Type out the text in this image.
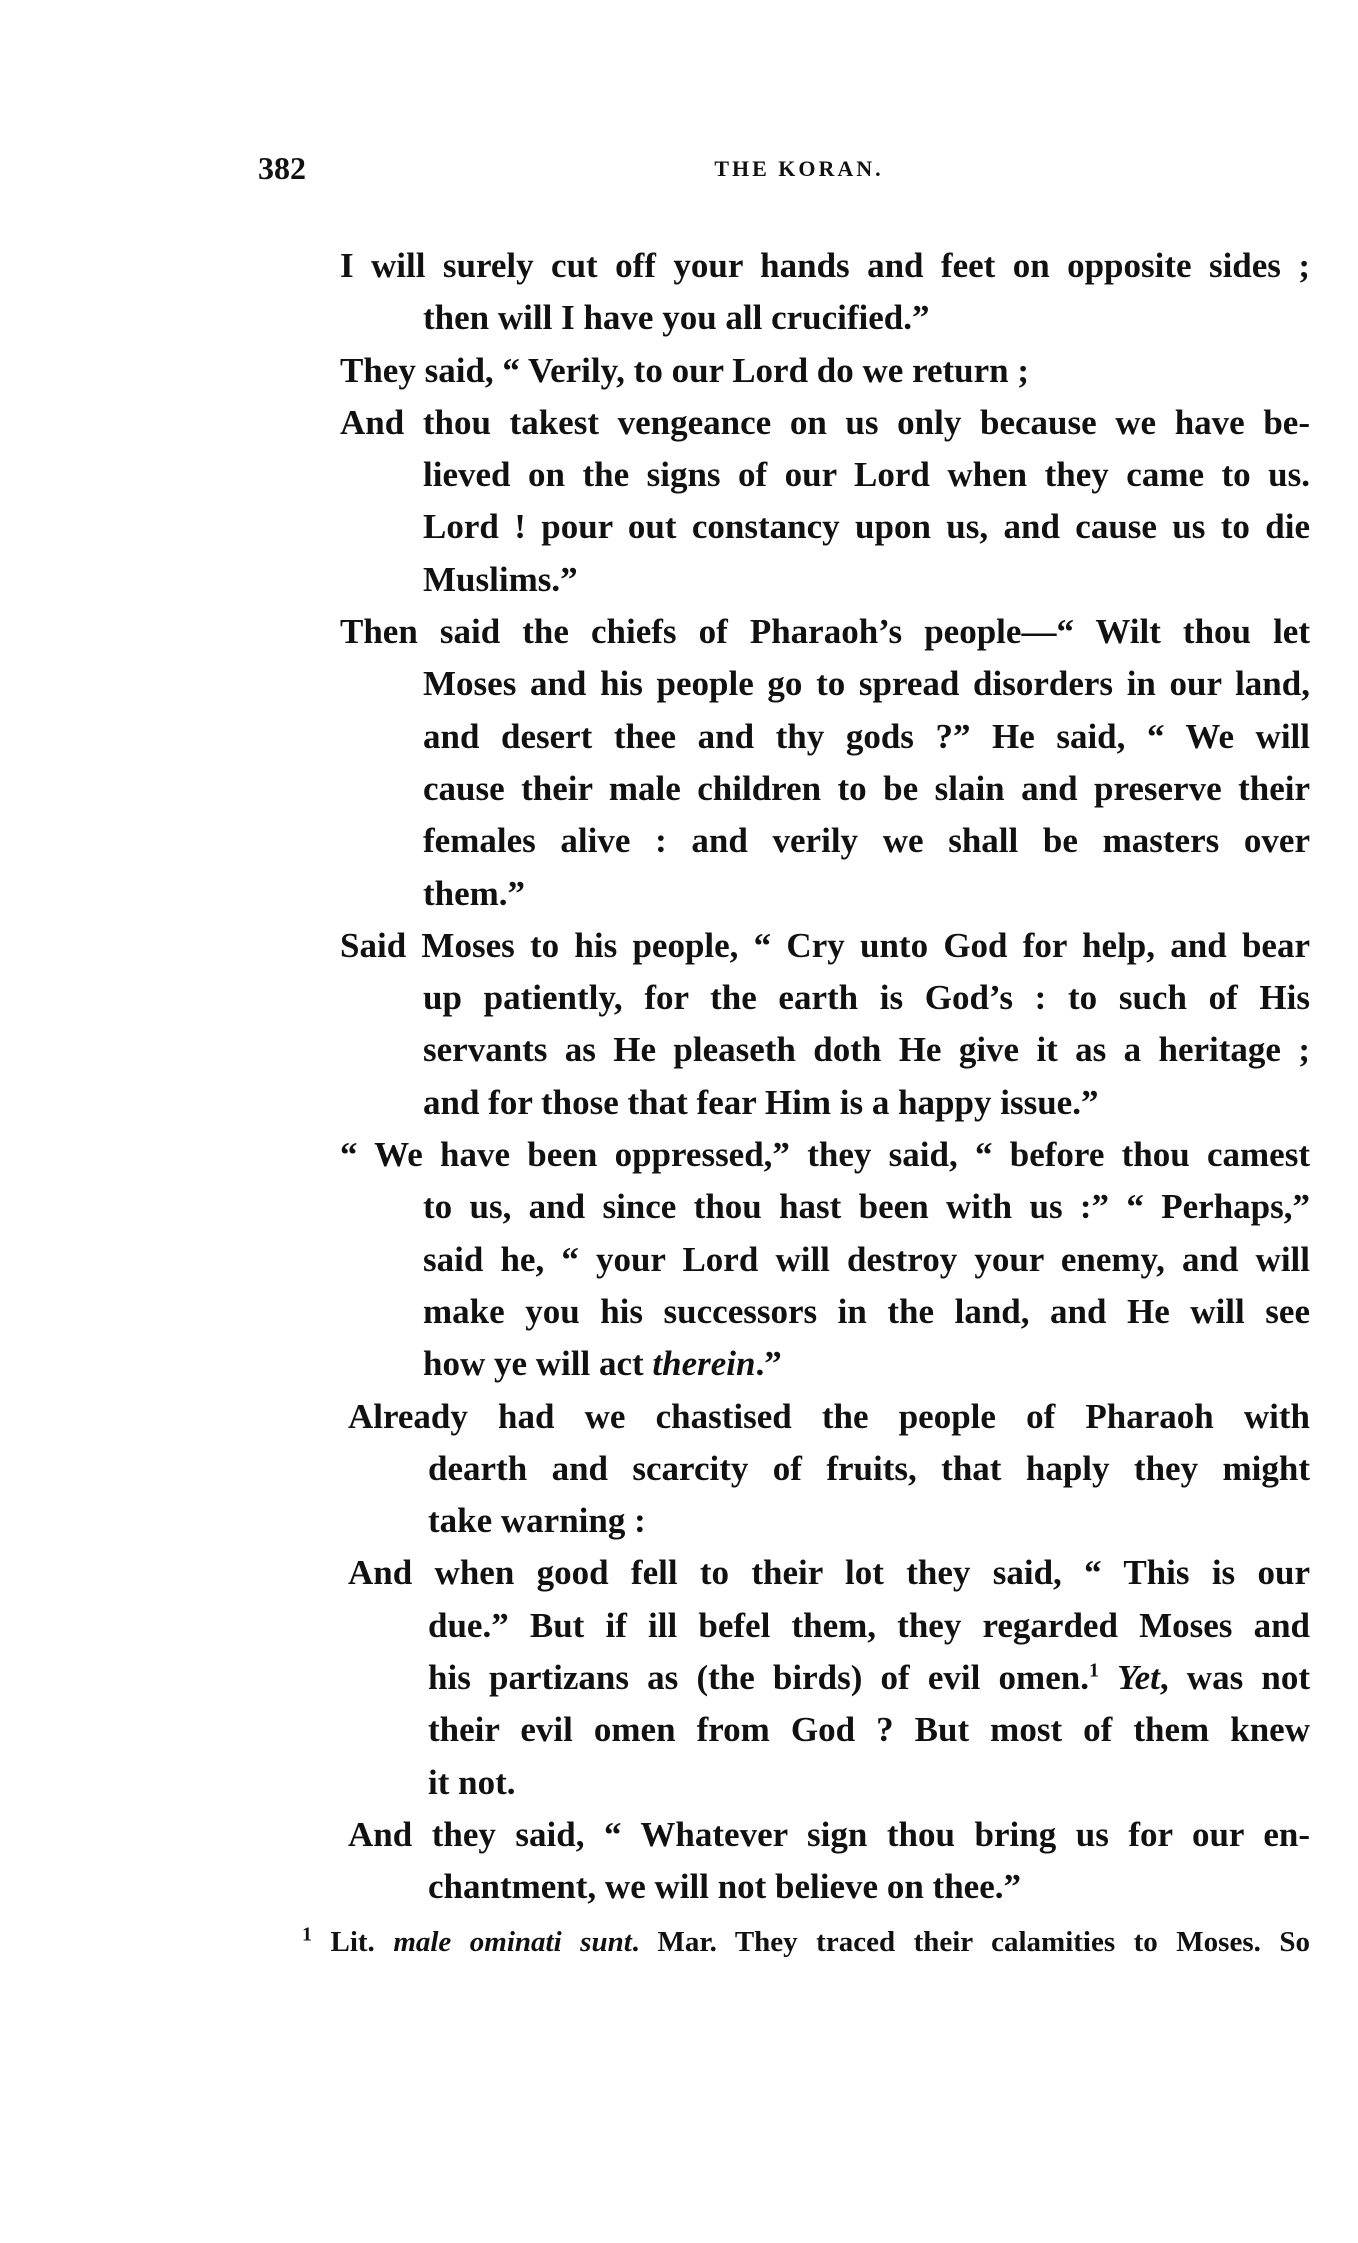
382	THE KORAN.
I will surely cut off your hands and feet on opposite sides ;
then will I have you all crucified.”
They said, “ Verily, to our Lord do we return ;
And thou takest vengeance on us only because we have be-
lieved on the signs of our Lord when they came to us.
Lord ! pour out constancy upon us, and cause us to die
Muslims.”
Then said the chiefs of Pharaoh’s people—“ Wilt thou let
Moses and his people go to spread disorders in our land,
and desert thee and thy gods ?” He said, “ We will
cause their male children to be slain and preserve their
females alive : and verily we shall be masters over
them.”
Said Moses to his people, “ Cry unto God for help, and bear
up patiently, for the earth is God’s : to such of His
servants as He pleaseth doth He give it as a heritage ;
and for those that fear Him is a happy issue.”
“ We have been oppressed,” they said, “ before thou camest
to us, and since thou hast been with us :” “ Perhaps,”
said he, “ your Lord will destroy your enemy, and will
make you his successors in the land, and He will see
how ye will act therein.”
Already had we chastised the people of Pharaoh with
dearth and scarcity of fruits, that haply they might
take warning :
And when good fell to their lot they said, “ This is our
due.” But if ill befel them, they regarded Moses and
his partizans as (the birds) of evil omen.$^1$ Yet, was not
their evil omen from God ? But most of them knew
it not.
And they said, “ Whatever sign thou bring us for our en-
chantment, we will not believe on thee.”
$^1$ Lit. male ominati sunt. Mar. They traced their calamities to Moses. So
